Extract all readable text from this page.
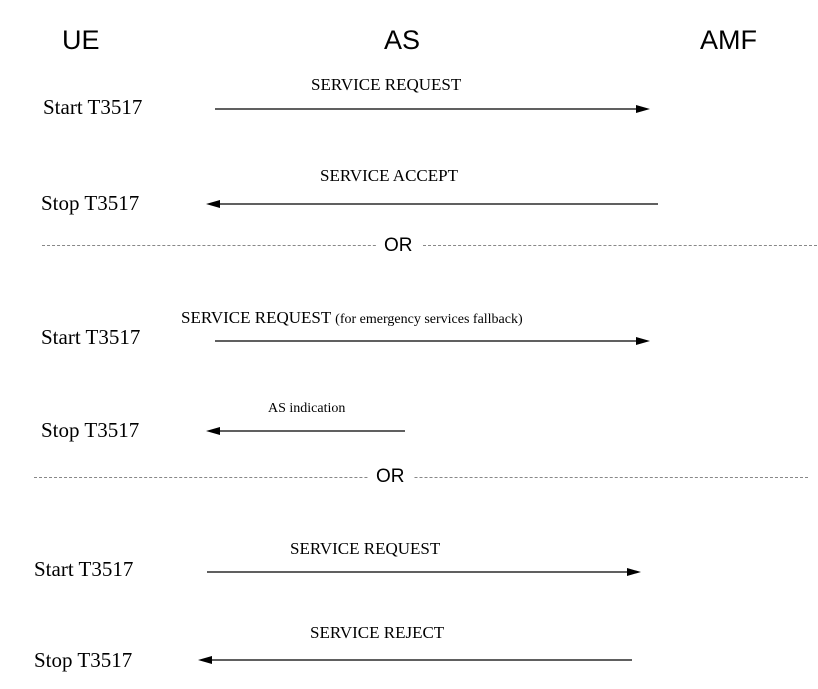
UE	AS	AMF
Start T3517
SERVICE REQUEST
Stop T3517
SERVICE ACCEPT
OR
Start T3517
SERVICE REQUEST (for emergency services fallback)
Stop T3517
AS indication
OR
Start T3517
SERVICE REQUEST
Stop T3517
SERVICE REJECT
